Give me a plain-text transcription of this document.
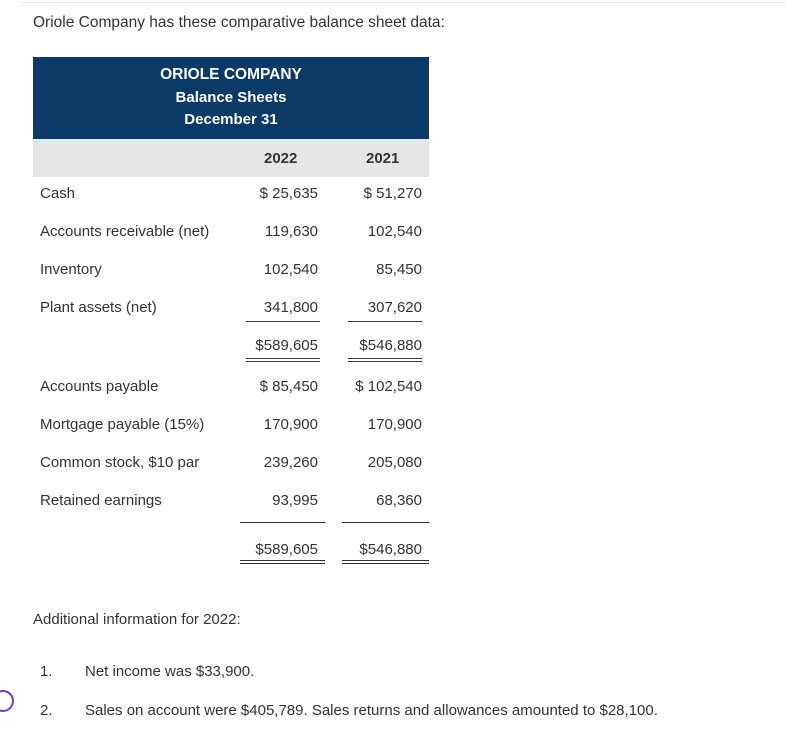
Oriole Company has these comparative balance sheet data:
ORIOLE COMPANY
Balance Sheets
December 31
2022	2021
Cash	$ 25,635	$ 51,270
Accounts receivable (net)	119,630	102,540
Inventory	102,540	85,450
Plant assets (net)	341,800	307,620
$589,605	$546,880
Accounts payable	$ 85,450 $ 102,540
Mortgage payable (15%)	170,900	170,900
Common stock, $10 par	239,260	205,080
Retained earnings	93,995	68,360
$589,605	$546,880
Additional information for 2022:
1. Net income was $33,900.
2. Sales on account were $405,789. Sales returns and allowances amounted to $28,100.
